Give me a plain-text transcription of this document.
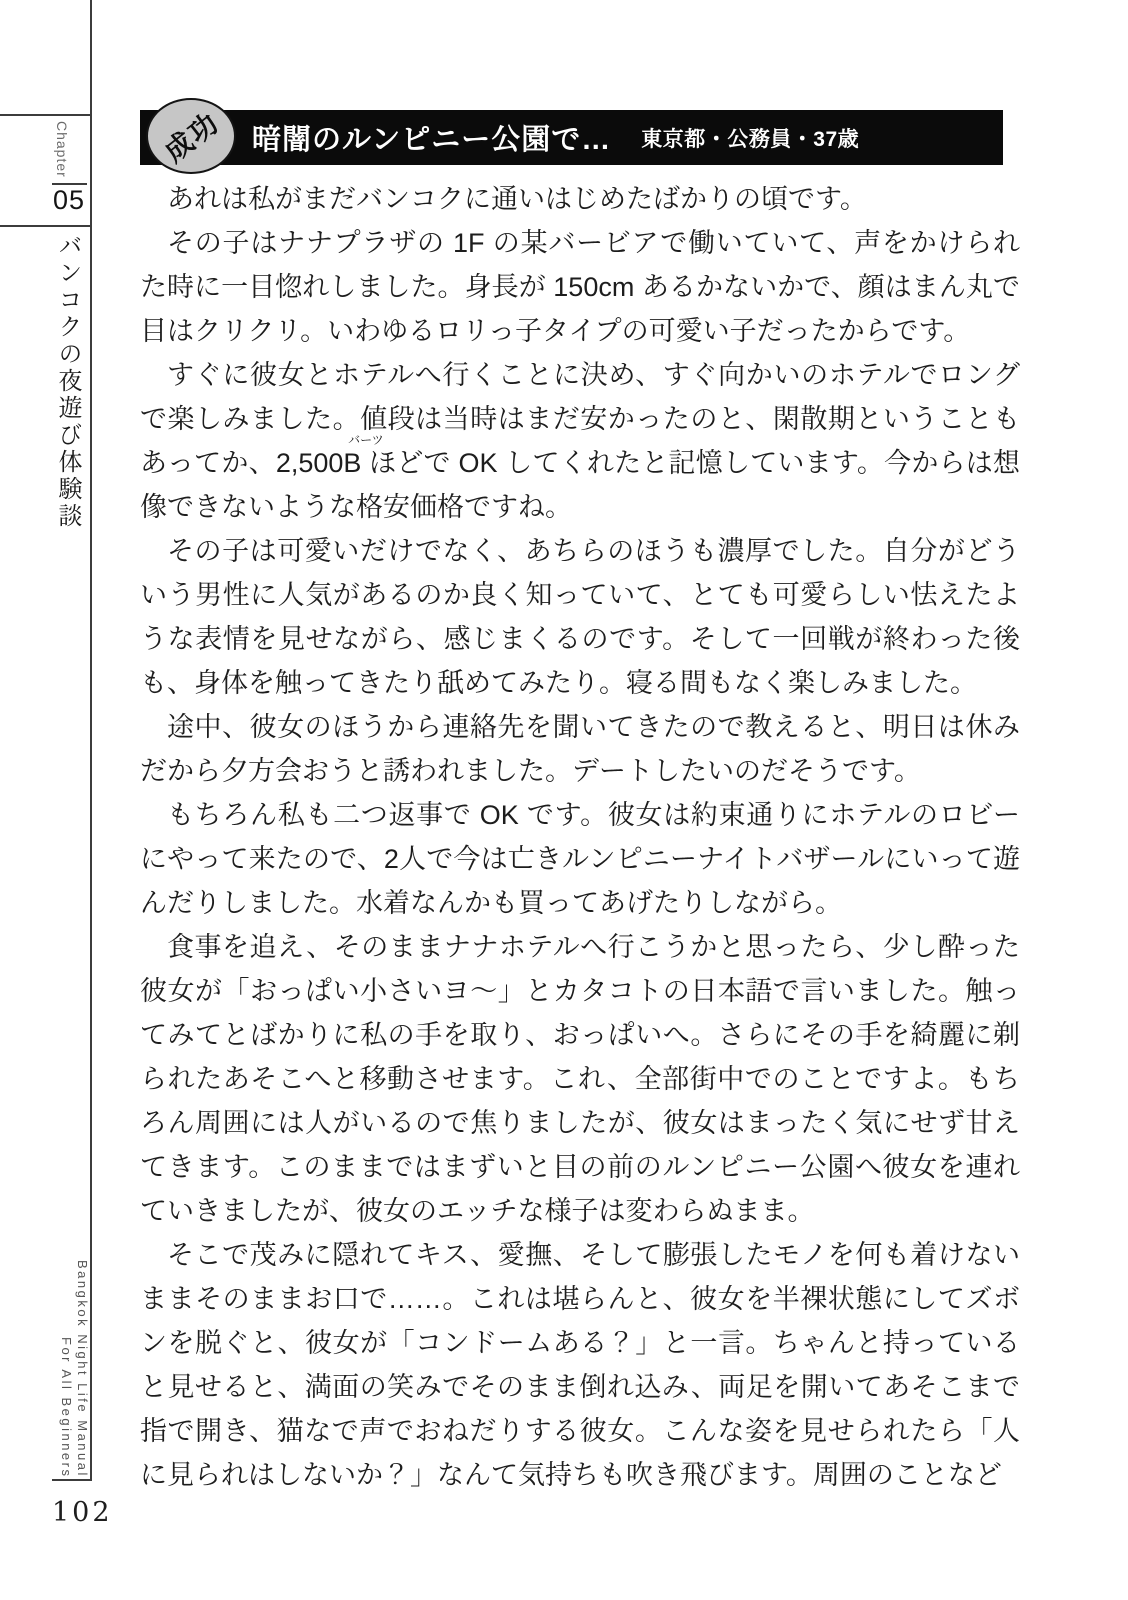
Chapter
05
バンコクの夜遊び体験談
Bangkok Night Life Manual
For All Beginners
102
暗闇のルンピニー公園で… 東京都・公務員・37歳
成功

あれは私がまだバンコクに通いはじめたばかりの頃です。

その子はナナプラザの 1F の某バービアで働いていて、声をかけられた時に一目惚れしました。身長が 150cm あるかないかで、顔はまん丸で目はクリクリ。いわゆるロリっ子タイプの可愛い子だったからです。

すぐに彼女とホテルへ行くことに決め、すぐ向かいのホテルでロングで楽しみました。値段は当時はまだ安かったのと、閑散期ということもあってか、2,500B
バーツ
ほどで OK してくれたと記憶しています。今からは想像できないような格安価格ですね。

その子は可愛いだけでなく、あちらのほうも濃厚でした。自分がどういう男性に人気があるのか良く知っていて、とても可愛らしい怯えたような表情を見せながら、感じまくるのです。そして一回戦が終わった後も、身体を触ってきたり舐めてみたり。寝る間もなく楽しみました。

途中、彼女のほうから連絡先を聞いてきたので教えると、明日は休みだから夕方会おうと誘われました。デートしたいのだそうです。

もちろん私も二つ返事で OK です。彼女は約束通りにホテルのロビーにやって来たので、2人で今は亡きルンピニーナイトバザールにいって遊んだりしました。水着なんかも買ってあげたりしながら。

食事を追え、そのままナナホテルへ行こうかと思ったら、少し酔った彼女が「おっぱい小さいヨ〜」とカタコトの日本語で言いました。触ってみてとばかりに私の手を取り、おっぱいへ。さらにその手を綺麗に剃られたあそこへと移動させます。これ、全部街中でのことですよ。もちろん周囲には人がいるので焦りましたが、彼女はまったく気にせず甘えてきます。このままではまずいと目の前のルンピニー公園へ彼女を連れていきましたが、彼女のエッチな様子は変わらぬまま。

そこで茂みに隠れてキス、愛撫、そして膨張したモノを何も着けないままそのままお口で……。これは堪らんと、彼女を半裸状態にしてズボンを脱ぐと、彼女が「コンドームある？」と一言。ちゃんと持っていると見せると、満面の笑みでそのまま倒れ込み、両足を開いてあそこまで指で開き、猫なで声でおねだりする彼女。こんな姿を見せられたら「人に見られはしないか？」なんて気持ちも吹き飛びます。周囲のことなど
